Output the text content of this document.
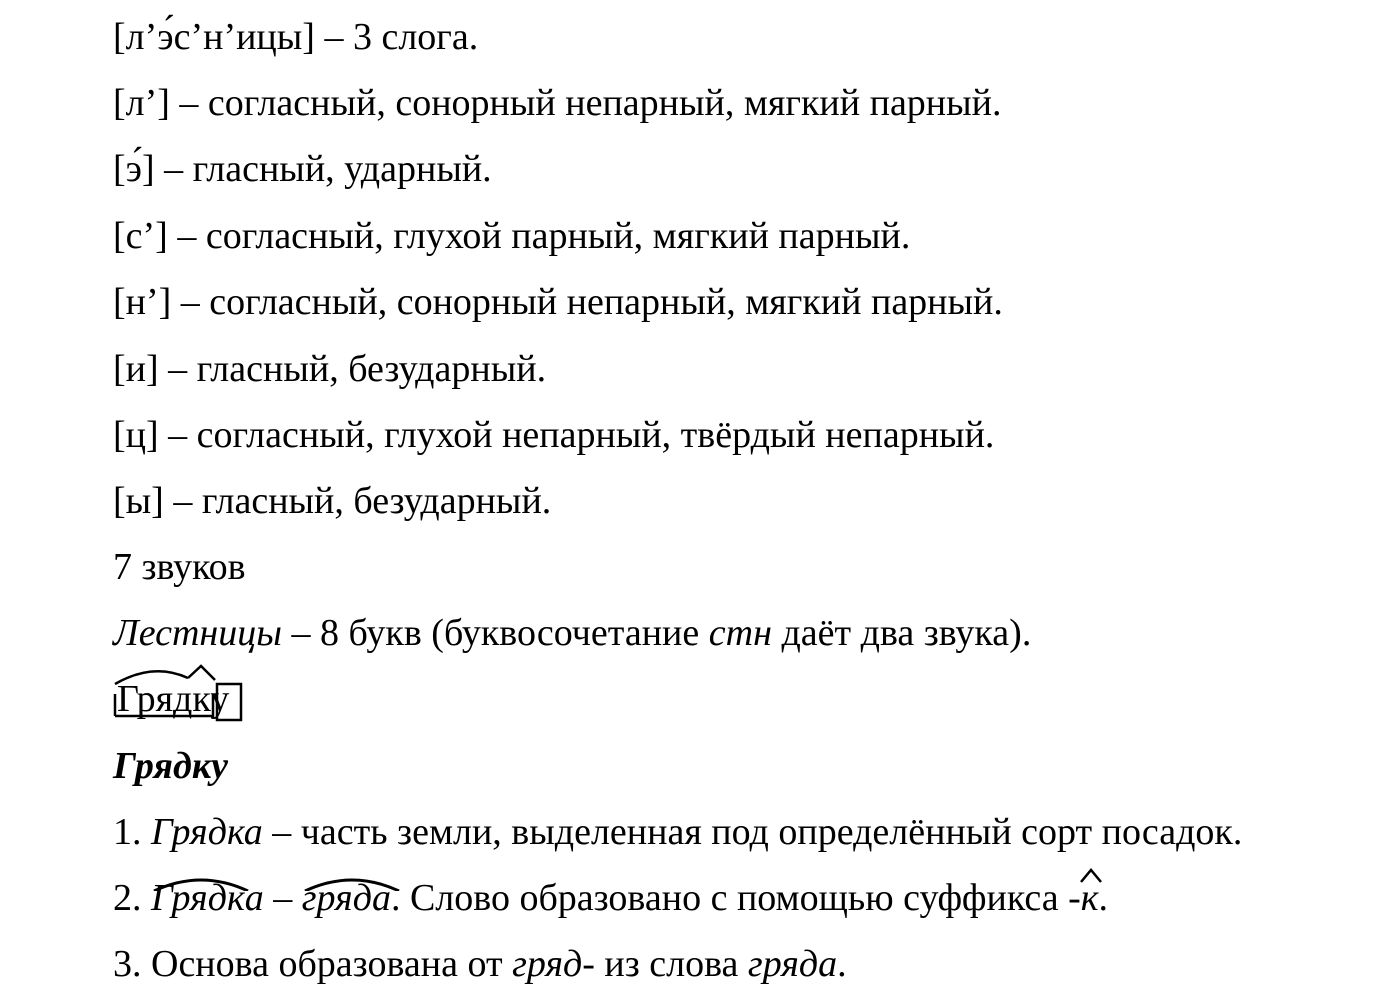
[л’э́с’н’ицы] – 3 слога.
[л’] – согласный, сонорный непарный, мягкий парный.
[э́] – гласный, ударный.
[с’] – согласный, глухой парный, мягкий парный.
[н’] – согласный, сонорный непарный, мягкий парный.
[и] – гласный, безударный.
[ц] – согласный, глухой непарный, твёрдый непарный.
[ы] – гласный, безударный.
7 звуков
Лестницы – 8 букв (буквосочетание стн даёт два звука).
Грядку
Грядку
1. Грядка – часть земли, выделенная под определённый сорт посадок.
2. Грядк
а – гряд
а. Слово образовано с помощью суффикса -к
.
3. Основа образована от гряд- из слова гряда.
